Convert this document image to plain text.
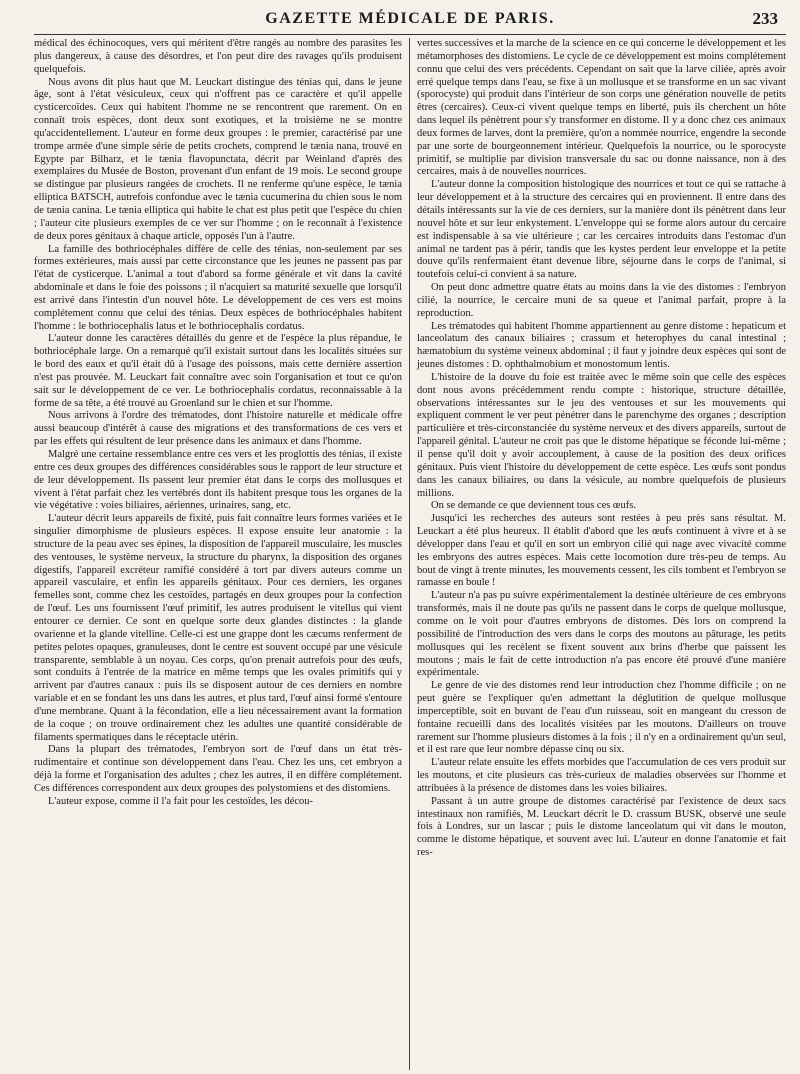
GAZETTE MÉDICALE DE PARIS.	233

médical des échinocoques, vers qui méritent d'être rangés au nombre des parasites les plus dangereux, à cause des désordres, et l'on peut dire des ravages qu'ils produisent quelquefois.

Nous avons dit plus haut que M. Leuckart distingue des ténias qui, dans le jeune âge, sont à l'état vésiculeux, ceux qui n'offrent pas ce caractère et qu'il appelle cysticercoïdes. Ceux qui habitent l'homme ne se rencontrent que rarement. On en connaît trois espèces, dont deux sont exotiques, et la troisième ne se montre qu'accidentellement. L'auteur en forme deux groupes : le premier, caractérisé par une trompe armée d'une simple série de petits crochets, comprend le tænia nana, trouvé en Egypte par Bilharz, et le tænia flavopunctata, décrit par Weinland d'après des exemplaires du Musée de Boston, provenant d'un enfant de 19 mois. Le second groupe se distingue par plusieurs rangées de crochets. Il ne renferme qu'une espèce, le tænia elliptica BATSCH, autrefois confondue avec le tænia cucumerina du chien sous le nom de tænia canina. Le tænia elliptica qui habite le chat est plus petit que l'espèce du chien ; l'auteur cite plusieurs exemples de ce ver sur l'homme ; on le reconnaît à l'existence de deux pores génitaux à chaque article, opposés l'un à l'autre.

La famille des bothriocéphales diffère de celle des ténias, non-seulement par ses formes extérieures, mais aussi par cette circonstance que les jeunes ne passent pas par l'état de cysticerque. L'animal a tout d'abord sa forme générale et vit dans la cavité abdominale et dans le foie des poissons ; il n'acquiert sa maturité sexuelle que lorsqu'il est arrivé dans l'intestin d'un nouvel hôte. Le développement de ces vers est moins complétement connu que celui des ténias. Deux espèces de bothriocéphales habitent l'homme : le bothriocephalis latus et le bothriocephalis cordatus.

L'auteur donne les caractères détaillés du genre et de l'espèce la plus répandue, le bothriocéphale large. On a remarqué qu'il existait surtout dans les localités situées sur le bord des eaux et qu'il était dû à l'usage des poissons, mais cette dernière assertion n'est pas prouvée. M. Leuckart fait connaître avec soin l'organisation et tout ce qu'on sait sur le développement de ce ver. Le bothriocephalis cordatus, reconnaissable à la forme de sa tête, a été trouvé au Groenland sur le chien et sur l'homme.

Nous arrivons à l'ordre des trématodes, dont l'histoire naturelle et médicale offre aussi beaucoup d'intérêt à cause des migrations et des transformations de ces vers et par les effets qui résultent de leur présence dans les animaux et dans l'homme.

Malgré une certaine ressemblance entre ces vers et les proglottis des ténias, il existe entre ces deux groupes des différences considérables sous le rapport de leur structure et de leur développement. Ils passent leur premier état dans le corps des mollusques et vivent à l'état parfait chez les vertébrés dont ils habitent presque tous les organes de la vie végétative : voies biliaires, aériennes, urinaires, sang, etc.

L'auteur décrit leurs appareils de fixité, puis fait connaître leurs formes variées et le singulier dimorphisme de plusieurs espèces. Il expose ensuite leur anatomie : la structure de la peau avec ses épines, la disposition de l'appareil musculaire, les muscles des ventouses, le système nerveux, la structure du pharynx, la disposition des organes digestifs, l'appareil excréteur ramifié considéré à tort par divers auteurs comme un appareil vasculaire, et enfin les appareils génitaux. Pour ces derniers, les organes femelles sont, comme chez les cestoïdes, partagés en deux groupes pour la confection de l'œuf. Les uns fournissent l'œuf primitif, les autres produisent le vitellus qui vient entourer ce dernier. Ce sont en quelque sorte deux glandes distinctes : la glande ovarienne et la glande vitelline. Celle-ci est une grappe dont les cæcums renferment de petites pelotes opaques, granuleuses, dont le centre est souvent occupé par une vésicule transparente, semblable à un noyau. Ces corps, qu'on prenait autrefois pour des œufs, sont conduits à l'entrée de la matrice en même temps que les ovales primitifs qui y arrivent par d'autres canaux : puis ils se disposent autour de ces derniers en nombre variable et en se fondant les uns dans les autres, et plus tard, l'œuf ainsi formé s'entoure d'une membrane. Quant à la fécondation, elle a lieu nécessairement avant la formation de la coque ; on trouve ordinairement chez les adultes une quantité considérable de filaments spermatiques dans le réceptacle utérin.

Dans la plupart des trématodes, l'embryon sort de l'œuf dans un état très-rudimentaire et continue son développement dans l'eau. Chez les uns, cet embryon a déjà la forme et l'organisation des adultes ; chez les autres, il en diffère complétement. Ces différences correspondent aux deux groupes des polystomiens et des distomiens.

L'auteur expose, comme il l'a fait pour les cestoïdes, les décou-

vertes successives et la marche de la science en ce qui concerne le développement et les métamorphoses des distomiens. Le cycle de ce développement est moins complétement connu que celui des vers précédents. Cependant on sait que la larve ciliée, après avoir erré quelque temps dans l'eau, se fixe à un mollusque et se transforme en un sac vivant (sporocyste) qui produit dans l'intérieur de son corps une génération nouvelle de petits êtres (cercaires). Ceux-ci vivent quelque temps en liberté, puis ils cherchent un hôte dans lequel ils pénètrent pour s'y transformer en distome. Il y a donc chez ces animaux deux formes de larves, dont la première, qu'on a nommée nourrice, engendre la seconde par une sorte de bourgeonnement intérieur. Quelquefois la nourrice, ou le sporocyste primitif, se multiplie par division transversale du sac ou donne naissance, non à des cercaires, mais à de nouvelles nourrices.

L'auteur donne la composition histologique des nourrices et tout ce qui se rattache à leur développement et à la structure des cercaires qui en proviennent. Il entre dans des détails intéressants sur la vie de ces derniers, sur la manière dont ils pénètrent dans leur nouvel hôte et sur leur enkystement. L'enveloppe qui se forme alors autour du cercaire est indispensable à sa vie ultérieure ; car les cercaires introduits dans l'estomac d'un animal ne tardent pas à périr, tandis que les kystes perdent leur enveloppe et la petite douve qu'ils renfermaient étant devenue libre, séjourne dans le corps de l'animal, si toutefois celui-ci convient à sa nature.

On peut donc admettre quatre états au moins dans la vie des distomes : l'embryon cilié, la nourrice, le cercaire muni de sa queue et l'animal parfait, propre à la reproduction.

Les trématodes qui habitent l'homme appartiennent au genre distome : hepaticum et lanceolatum des canaux biliaires ; crassum et heterophyes du canal intestinal ; hæmatobium du système veineux abdominal ; il faut y joindre deux espèces qui sont de jeunes distomes : D. ophthalmobium et monostomum lentis.

L'histoire de la douve du foie est traitée avec le même soin que celle des espèces dont nous avons précédemment rendu compte : historique, structure détaillée, observations intéressantes sur le jeu des ventouses et sur les mouvements qui expliquent comment le ver peut pénétrer dans le parenchyme des organes ; description particulière et très-circonstanciée du système nerveux et des divers appareils, surtout de l'appareil génital. L'auteur ne croit pas que le distome hépatique se féconde lui-même ; il pense qu'il doit y avoir accouplement, à cause de la position des deux orifices génitaux. Puis vient l'histoire du développement de cette espèce. Les œufs sont pondus dans les canaux biliaires, ou dans la vésicule, au nombre quelquefois de plusieurs millions.

On se demande ce que deviennent tous ces œufs.

Jusqu'ici les recherches des auteurs sont restées à peu près sans résultat. M. Leuckart a été plus heureux. Il établit d'abord que les œufs continuent à vivre et à se développer dans l'eau et qu'il en sort un embryon cilié qui nage avec vivacité comme les embryons des autres espèces. Mais cette locomotion dure très-peu de temps. Au bout de vingt à trente minutes, les mouvements cessent, les cils tombent et l'embryon se ramasse en boule !

L'auteur n'a pas pu suivre expérimentalement la destinée ultérieure de ces embryons transformés, mais il ne doute pas qu'ils ne passent dans le corps de quelque mollusque, comme on le voit pour d'autres embryons de distomes. Dès lors on comprend la possibilité de l'introduction des vers dans le corps des moutons au pâturage, les petits mollusques qui les recèlent se fixent souvent aux brins d'herbe que paissent les moutons ; mais le fait de cette introduction n'a pas encore été prouvé d'une manière expérimentale.

Le genre de vie des distomes rend leur introduction chez l'homme difficile ; on ne peut guère se l'expliquer qu'en admettant la déglutition de quelque mollusque imperceptible, soit en buvant de l'eau d'un ruisseau, soit en mangeant du cresson de fontaine recueilli dans des localités visitées par les moutons. D'ailleurs on trouve rarement sur l'homme plusieurs distomes à la fois ; il n'y en a ordinairement qu'un seul, et il est rare que leur nombre dépasse cinq ou six.

L'auteur relate ensuite les effets morbides que l'accumulation de ces vers produit sur les moutons, et cite plusieurs cas très-curieux de maladies observées sur l'homme et attribuées à la présence de distomes dans les voies biliaires.

Passant à un autre groupe de distomes caractérisé par l'existence de deux sacs intestinaux non ramifiés, M. Leuckart décrit le D. crassum BUSK, observé une seule fois à Londres, sur un lascar ; puis le distome lanceolatum qui vit dans le mouton, comme le distome hépatique, et souvent avec lui. L'auteur en donne l'anatomie et fait res-
